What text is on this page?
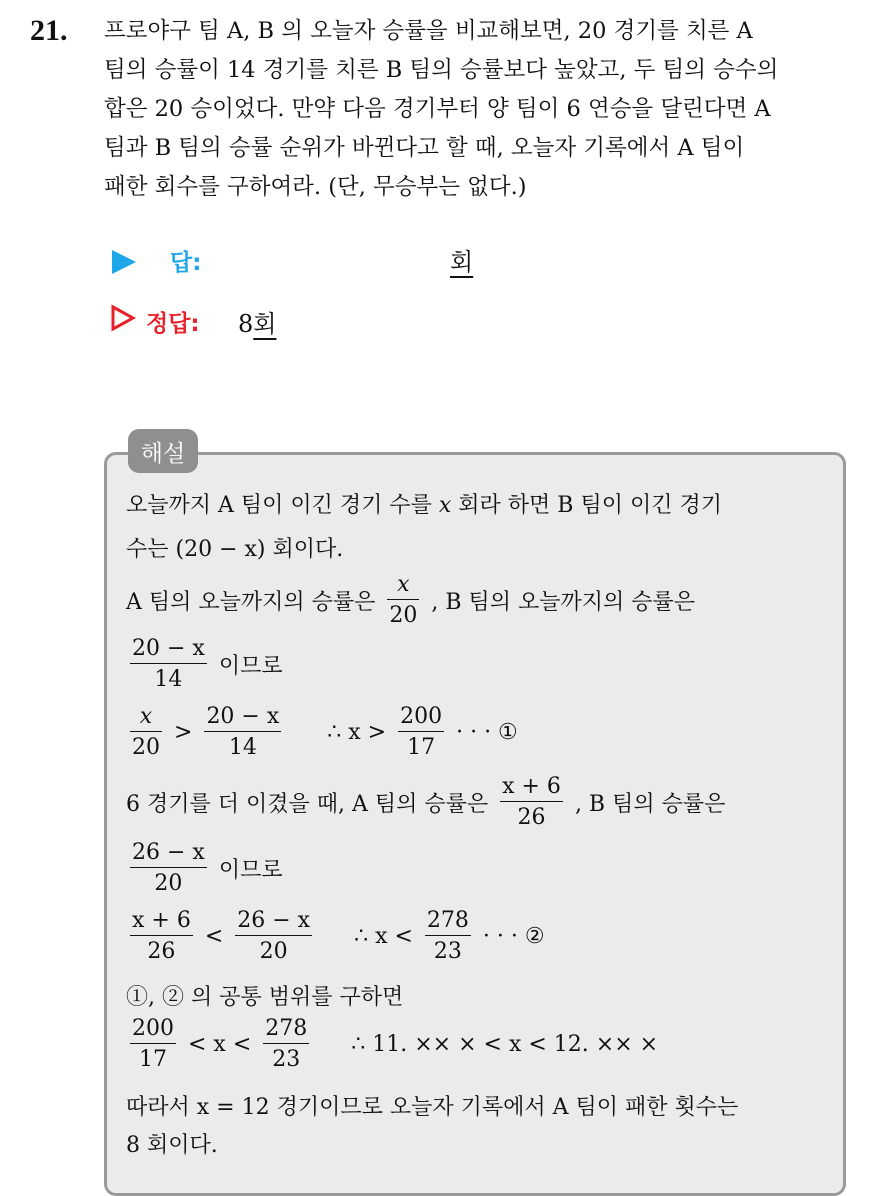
21. 프로야구 팀 A, B 의 오늘자 승률을 비교해보면, 20 경기를 치른 A
팀의 승률이 14 경기를 치른 B 팀의 승률보다 높았고, 두 팀의 승수의
합은 20 승이었다. 만약 다음 경기부터 양 팀이 6 연승을 달린다면 A
팀과 B 팀의 승률 순위가 바뀐다고 할 때, 오늘자 기록에서 A 팀이
패한 회수를 구하여라. (단, 무승부는 없다.)
답:	회
정답: 8회
해설
오늘까지 A 팀이 이긴 경기 수를 x 회라 하면 B 팀이 이긴 경기
수는 (20 − x) 회이다.
A 팀의 오늘까지의 승률은 $\frac{x}{20}$ , B 팀의 오늘까지의 승률은
$\frac{20 - x}{14}$ 이므로
$\frac{x}{20} > \frac{20 - x}{14}$ ∴ $x > \frac{200}{17}$ · · · ①
6 경기를 더 이겼을 때, A 팀의 승률은 $\frac{x + 6}{26}$ , B 팀의 승률은
$\frac{26 - x}{20}$ 이므로
$\frac{x + 6}{26} < \frac{26 - x}{20}$ ∴ $x < \frac{278}{23}$ · · · ②
①, ② 의 공통 범위를 구하면
$\frac{200}{17} < x < \frac{278}{23}$ ∴ 11. ×× × < x < 12. ×× ×
따라서 x = 12 경기이므로 오늘자 기록에서 A 팀이 패한 횟수는
8 회이다.
